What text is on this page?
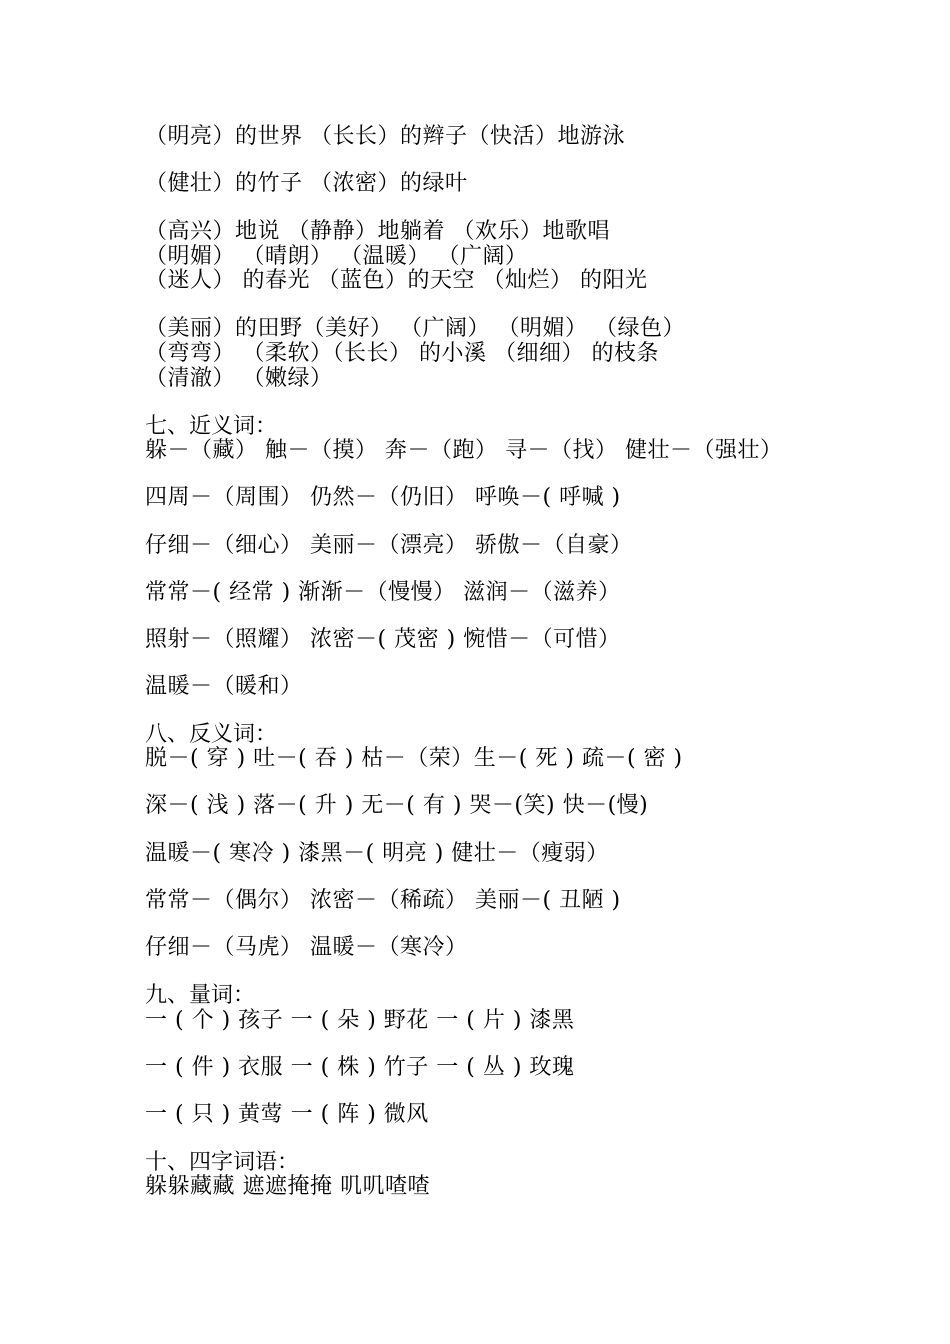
（明亮）的世界 （长长）的辫子（快活）地游泳
（健壮）的竹子 （浓密）的绿叶
（高兴）地说 （静静）地躺着 （欢乐）地歌唱
（明媚） （晴朗） （温暖） （广阔）
（迷人） 的春光 （蓝色）的天空 （灿烂） 的阳光
（美丽）的田野（美好） （广阔） （明媚） （绿色）
（弯弯） （柔软）（长长） 的小溪 （细细） 的枝条
（清澈） （嫩绿）
七、近义词：
躲－（藏） 触－（摸） 奔－（跑） 寻－（找） 健壮－（强壮）
四周－（周围） 仍然－（仍旧） 呼唤－( 呼喊 )
仔细－（细心） 美丽－（漂亮） 骄傲－（自豪）
常常－( 经常 ) 渐渐－（慢慢） 滋润－（滋养）
照射－（照耀） 浓密－( 茂密 ) 惋惜－（可惜）
温暖－（暖和）
八、反义词：
脱－( 穿 ) 吐－( 吞 ) 枯－（荣）生－( 死 ) 疏－( 密 )
深－( 浅 ) 落－( 升 ) 无－( 有 ) 哭－(笑) 快－(慢)
温暖－( 寒冷 ) 漆黑－( 明亮 ) 健壮－（瘦弱）
常常－（偶尔） 浓密－（稀疏） 美丽－( 丑陋 )
仔细－（马虎） 温暖－（寒冷）
九、量词：
一 ( 个 ) 孩子 一 ( 朵 ) 野花 一 ( 片 ) 漆黑
一 ( 件 ) 衣服 一 ( 株 ) 竹子 一 ( 丛 ) 玫瑰
一 ( 只 ) 黄莺 一 ( 阵 ) 微风
十、四字词语：
躲躲藏藏 遮遮掩掩 叽叽喳喳
